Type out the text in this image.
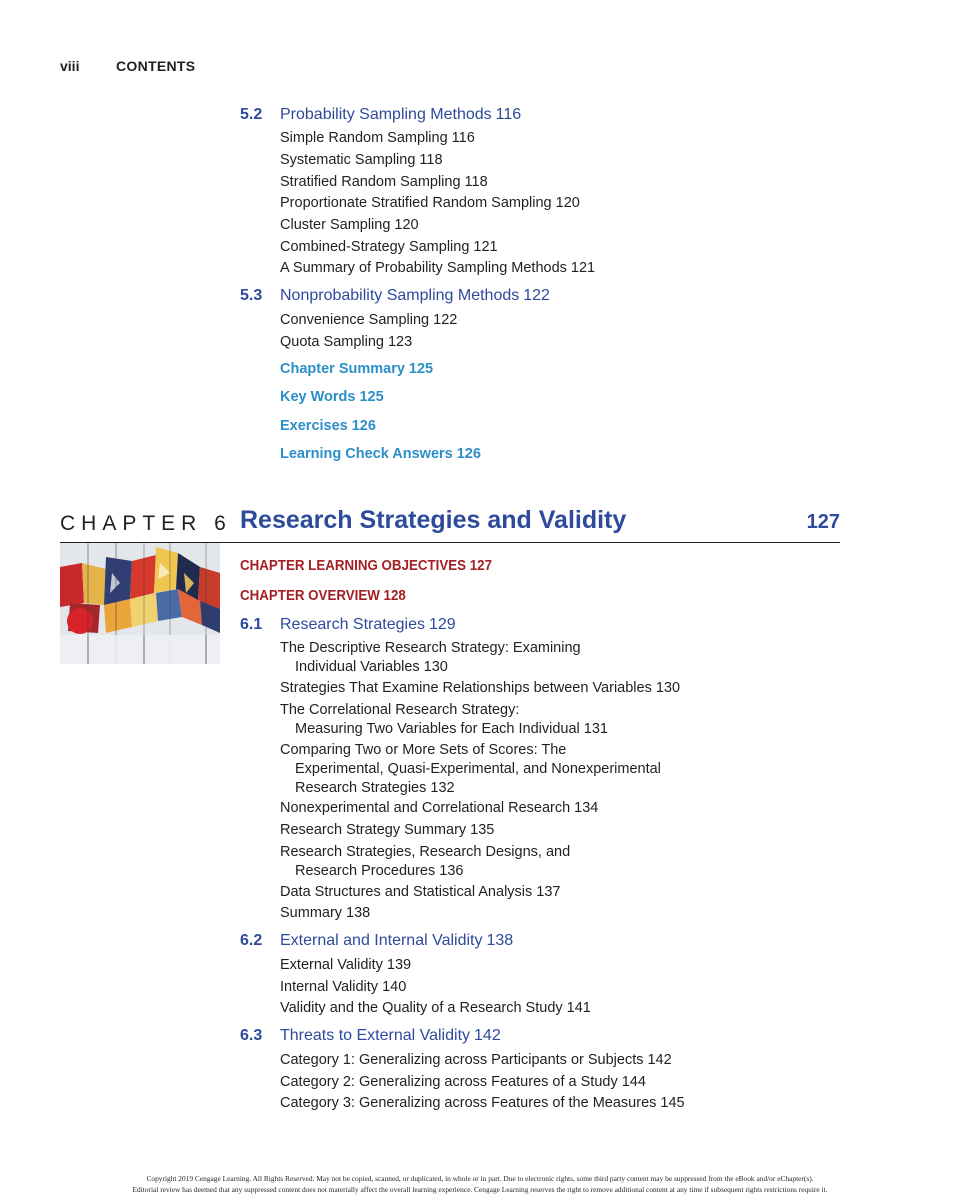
viii	CONTENTS
5.2 Probability Sampling Methods 116
Simple Random Sampling 116
Systematic Sampling 118
Stratified Random Sampling 118
Proportionate Stratified Random Sampling 120
Cluster Sampling 120
Combined-Strategy Sampling 121
A Summary of Probability Sampling Methods 121
5.3 Nonprobability Sampling Methods 122
Convenience Sampling 122
Quota Sampling 123
Chapter Summary 125
Key Words 125
Exercises 126
Learning Check Answers 126
CHAPTER 6 Research Strategies and Validity	127
CHAPTER LEARNING OBJECTIVES 127
CHAPTER OVERVIEW 128
6.1 Research Strategies 129
The Descriptive Research Strategy: Examining
Individual Variables 130
Strategies That Examine Relationships between Variables 130
The Correlational Research Strategy:
Measuring Two Variables for Each Individual 131
Comparing Two or More Sets of Scores: The
Experimental, Quasi-Experimental, and Nonexperimental
Research Strategies 132
Nonexperimental and Correlational Research 134
Research Strategy Summary 135
Research Strategies, Research Designs, and
Research Procedures 136
Data Structures and Statistical Analysis 137
Summary 138
6.2 External and Internal Validity 138
External Validity 139
Internal Validity 140
Validity and the Quality of a Research Study 141
6.3 Threats to External Validity 142
Category 1: Generalizing across Participants or Subjects 142
Category 2: Generalizing across Features of a Study 144
Category 3: Generalizing across Features of the Measures 145
Copyright 2019 Cengage Learning. All Rights Reserved. May not be copied, scanned, or duplicated, in whole or in part. Due to electronic rights, some third party content may be suppressed from the eBook and/or eChapter(s).
Editorial review has deemed that any suppressed content does not materially affect the overall learning experience. Cengage Learning reserves the right to remove additional content at any time if subsequent rights restrictions require it.
